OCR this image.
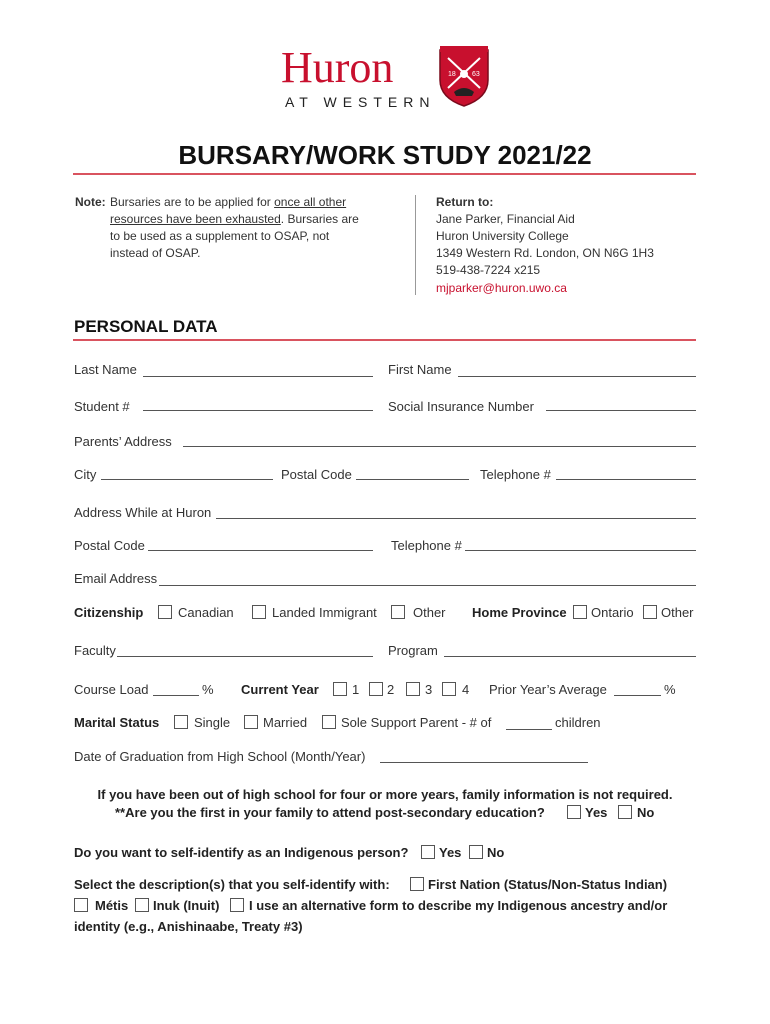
Huron
AT WESTERN
18 63
BURSARY/WORK STUDY 2021/22
Note: Bursaries are to be applied for once all other
resources have been exhausted. Bursaries are
to be used as a supplement to OSAP, not
instead of OSAP.
Return to:
Jane Parker, Financial Aid
Huron University College
1349 Western Rd. London, ON N6G 1H3
519-438-7224 x215
mjparker@huron.uwo.ca
PERSONAL DATA
Last Name	First Name
Student #	Social Insurance Number
Parents’ Address
City	Postal Code	Telephone #
Address While at Huron
Postal Code	Telephone #
Email Address
Citizenship	Canadian	Landed Immigrant	Other Home Province Ontario Other
Faculty	Program
Course Load	% Current Year	1 2 3 4 Prior Year’s Average	%
Marital Status	Single	Married	Sole Support Parent - # of	children
Date of Graduation from High School (Month/Year)
If you have been out of high school for four or more years, family information is not required.
**Are you the first in your family to attend post-secondary education?	Yes No
Do you want to self-identify as an Indigenous person? Yes No
Select the description(s) that you self-identify with:	First Nation (Status/Non-Status Indian)
Métis Inuk (Inuit) I use an alternative form to describe my Indigenous ancestry and/or
identity (e.g., Anishinaabe, Treaty #3)
